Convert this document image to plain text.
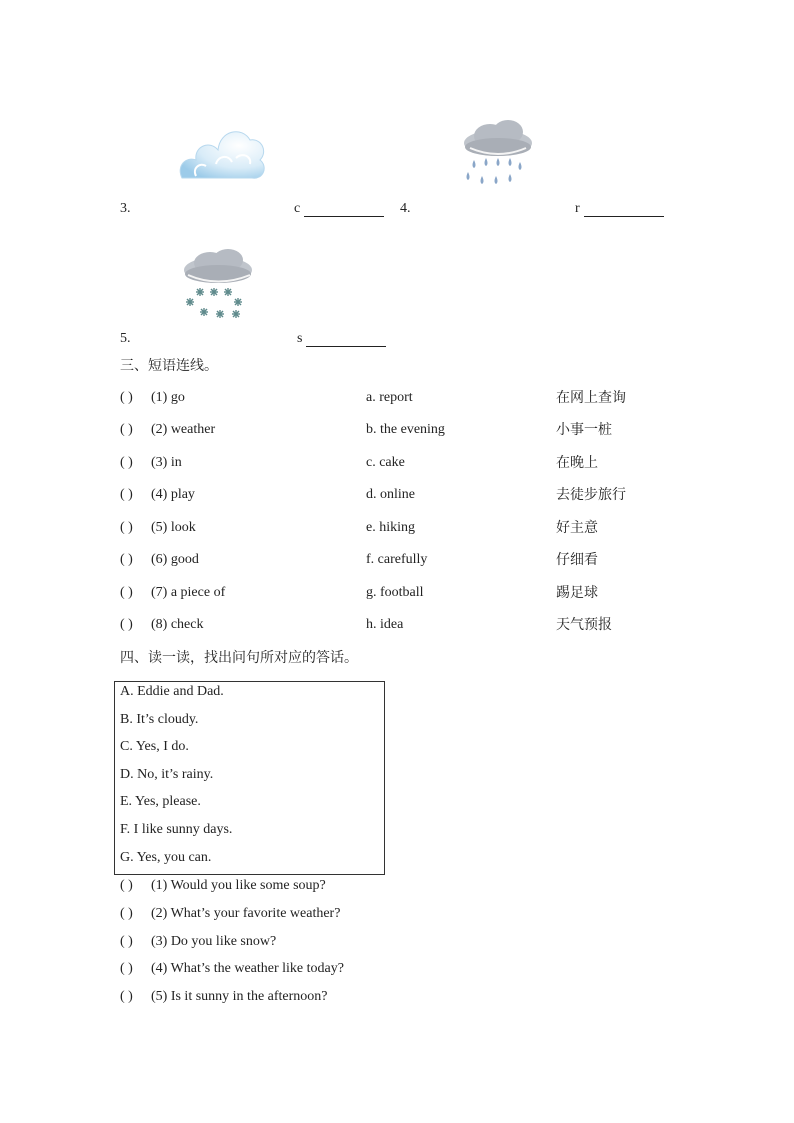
3.	c	4.	r
5.	s
三、短语连线。
( ) (1) go	a. report	在网上查询
( ) (2) weather	b. the evening	小事一桩
( ) (3) in	c. cake	在晚上
( ) (4) play	d. online	去徒步旅行
( ) (5) look	e. hiking	好主意
( ) (6) good	f. carefully	仔细看
( ) (7) a piece of	g. football	踢足球
( ) (8) check	h. idea	天气预报
四、读一读，找出问句所对应的答话。
A. Eddie and Dad.
B. It’s cloudy.
C. Yes, I do.
D. No, it’s rainy.
E. Yes, please.
F. I like sunny days.
G. Yes, you can.
( ) (1) Would you like some soup?
( ) (2) What’s your favorite weather?
( ) (3) Do you like snow?
( ) (4) What’s the weather like today?
( ) (5) Is it sunny in the afternoon?
